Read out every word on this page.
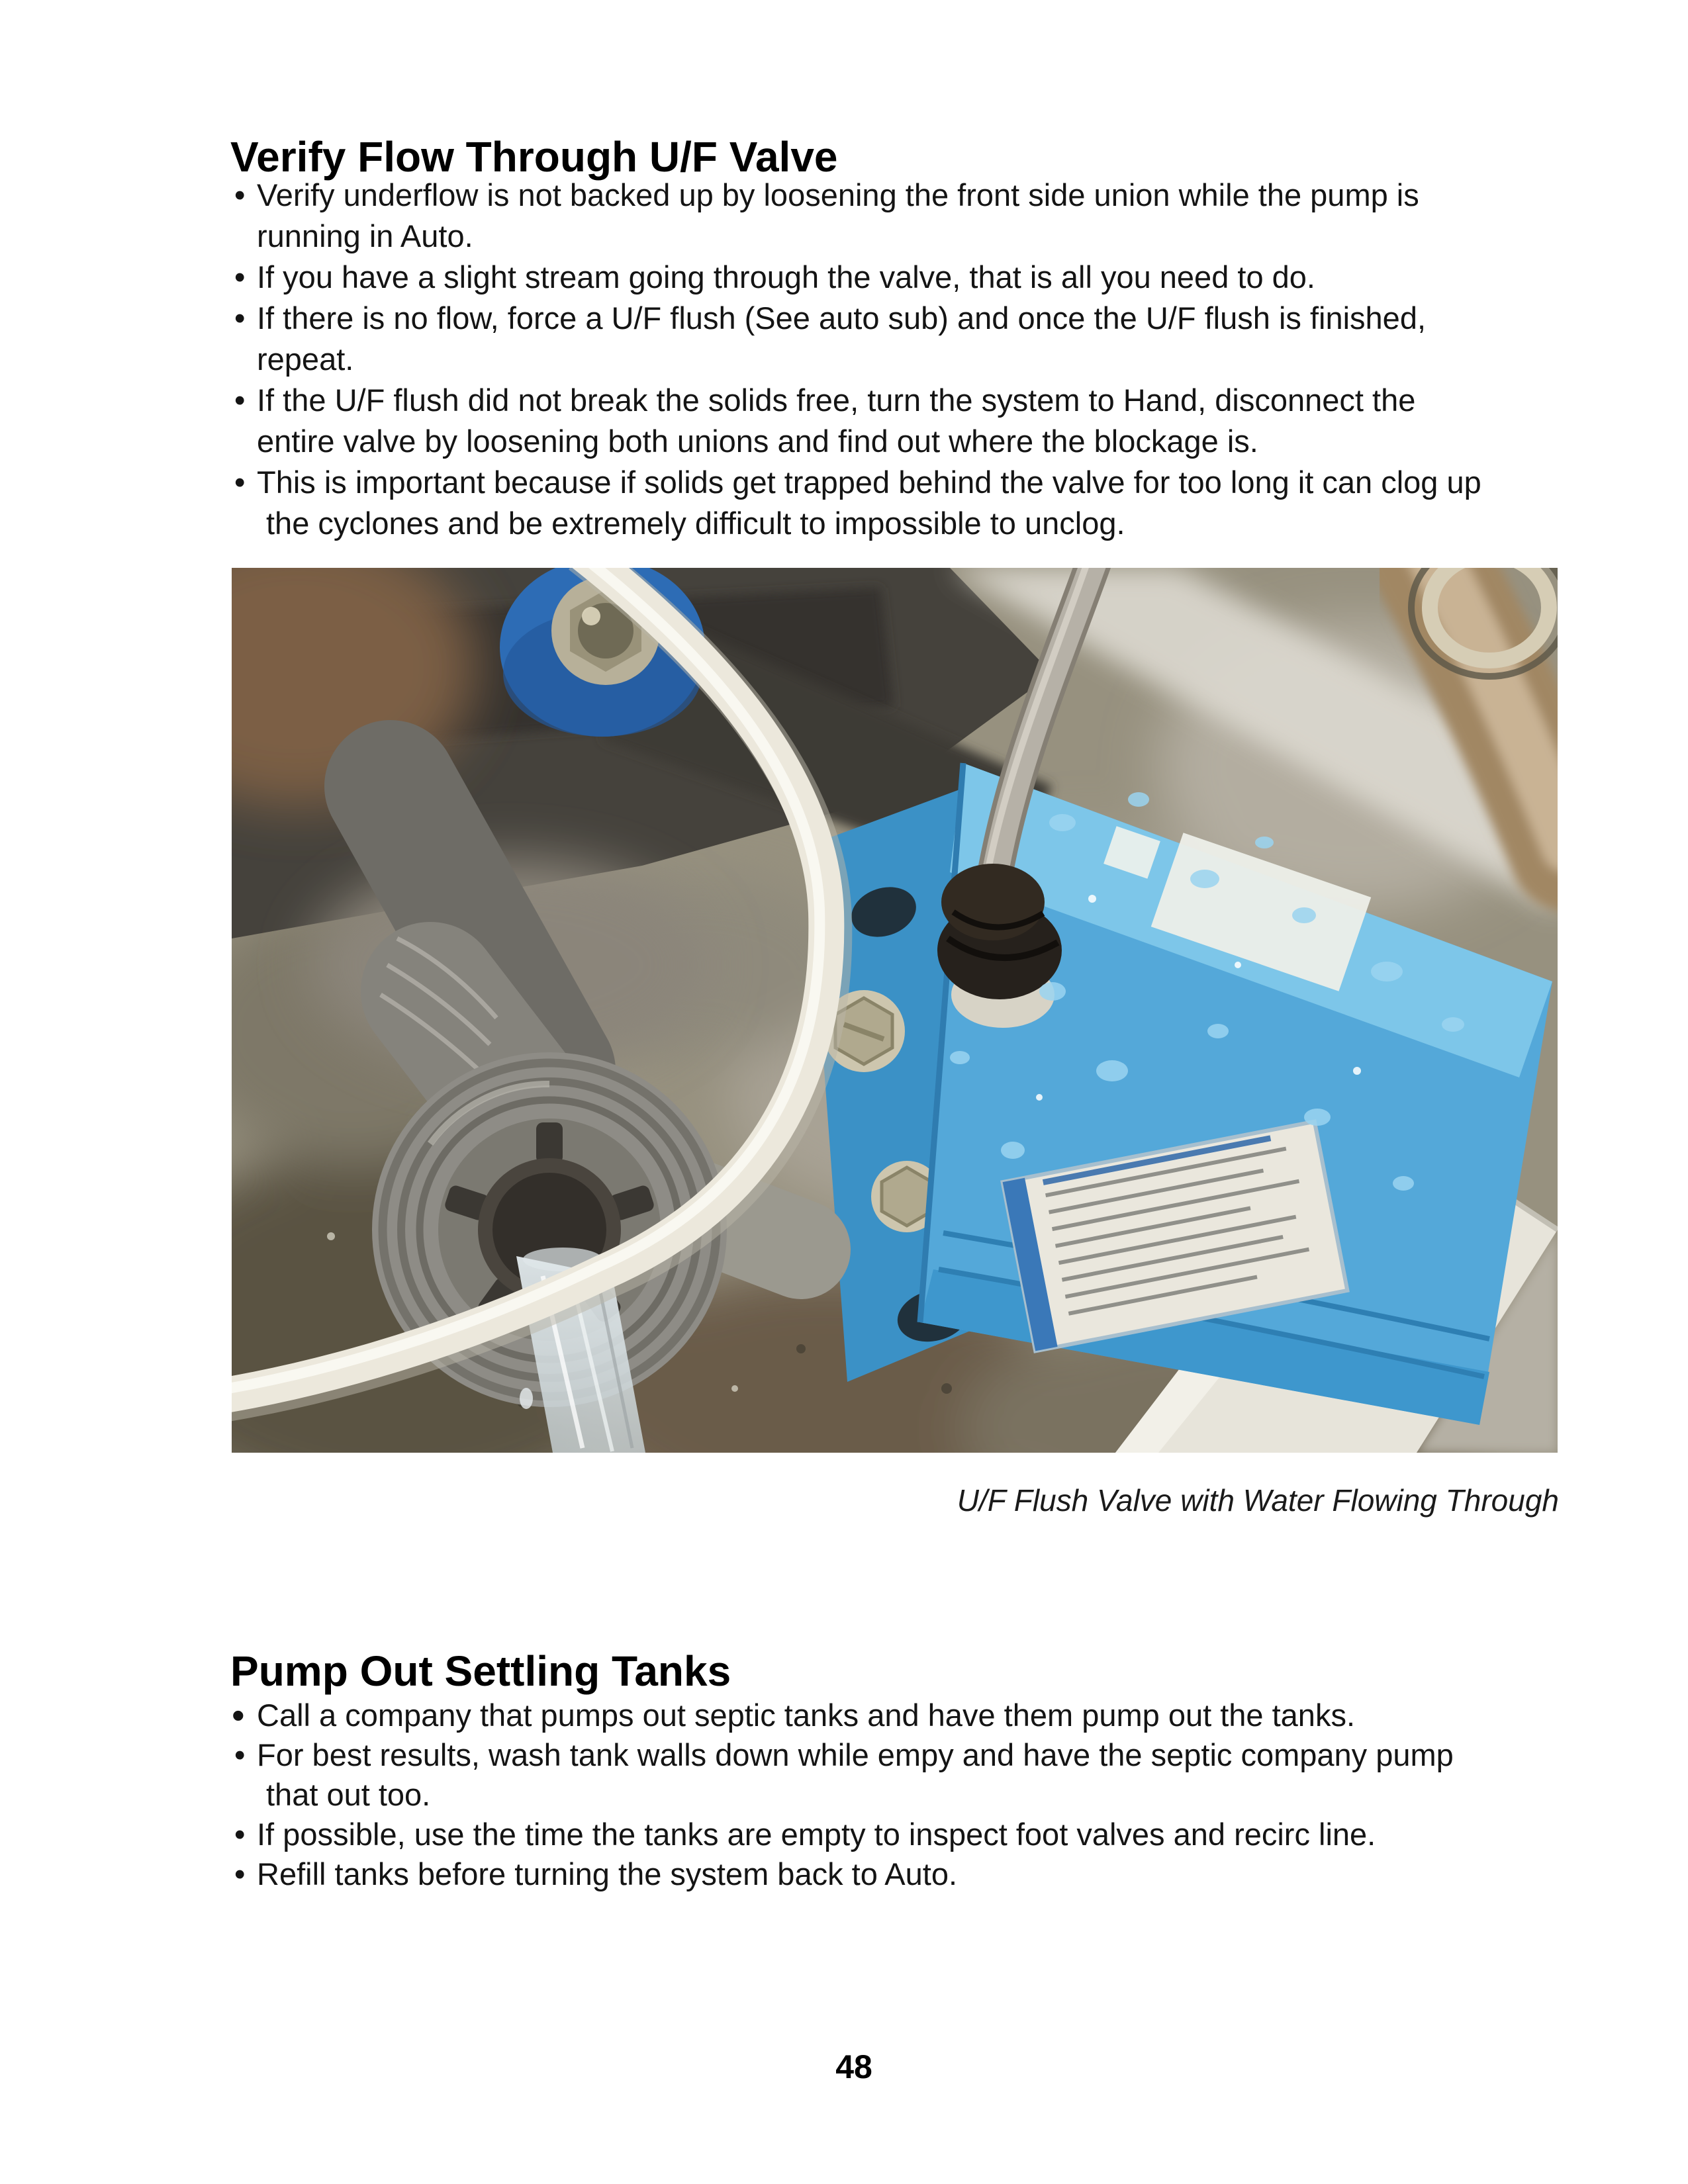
Verify Flow Through U/F Valve
• Verify underflow is not backed up by loosening the front side union while the pump is
running in Auto.
• If you have a slight stream going through the valve, that is all you need to do.
• If there is no flow, force a U/F flush (See auto sub) and once the U/F flush is finished,
repeat.
• If the U/F flush did not break the solids free, turn the system to Hand, disconnect the
entire valve by loosening both unions and find out where the blockage is.
• This is important because if solids get trapped behind the valve for too long it can clog up
the cyclones and be extremely difficult to impossible to unclog.
U/F Flush Valve with Water Flowing Through
Pump Out Settling Tanks
• Call a company that pumps out septic tanks and have them pump out the tanks.
• For best results, wash tank walls down while empy and have the septic company pump
that out too.
• If possible, use the time the tanks are empty to inspect foot valves and recirc line.
• Refill tanks before turning the system back to Auto.
48
